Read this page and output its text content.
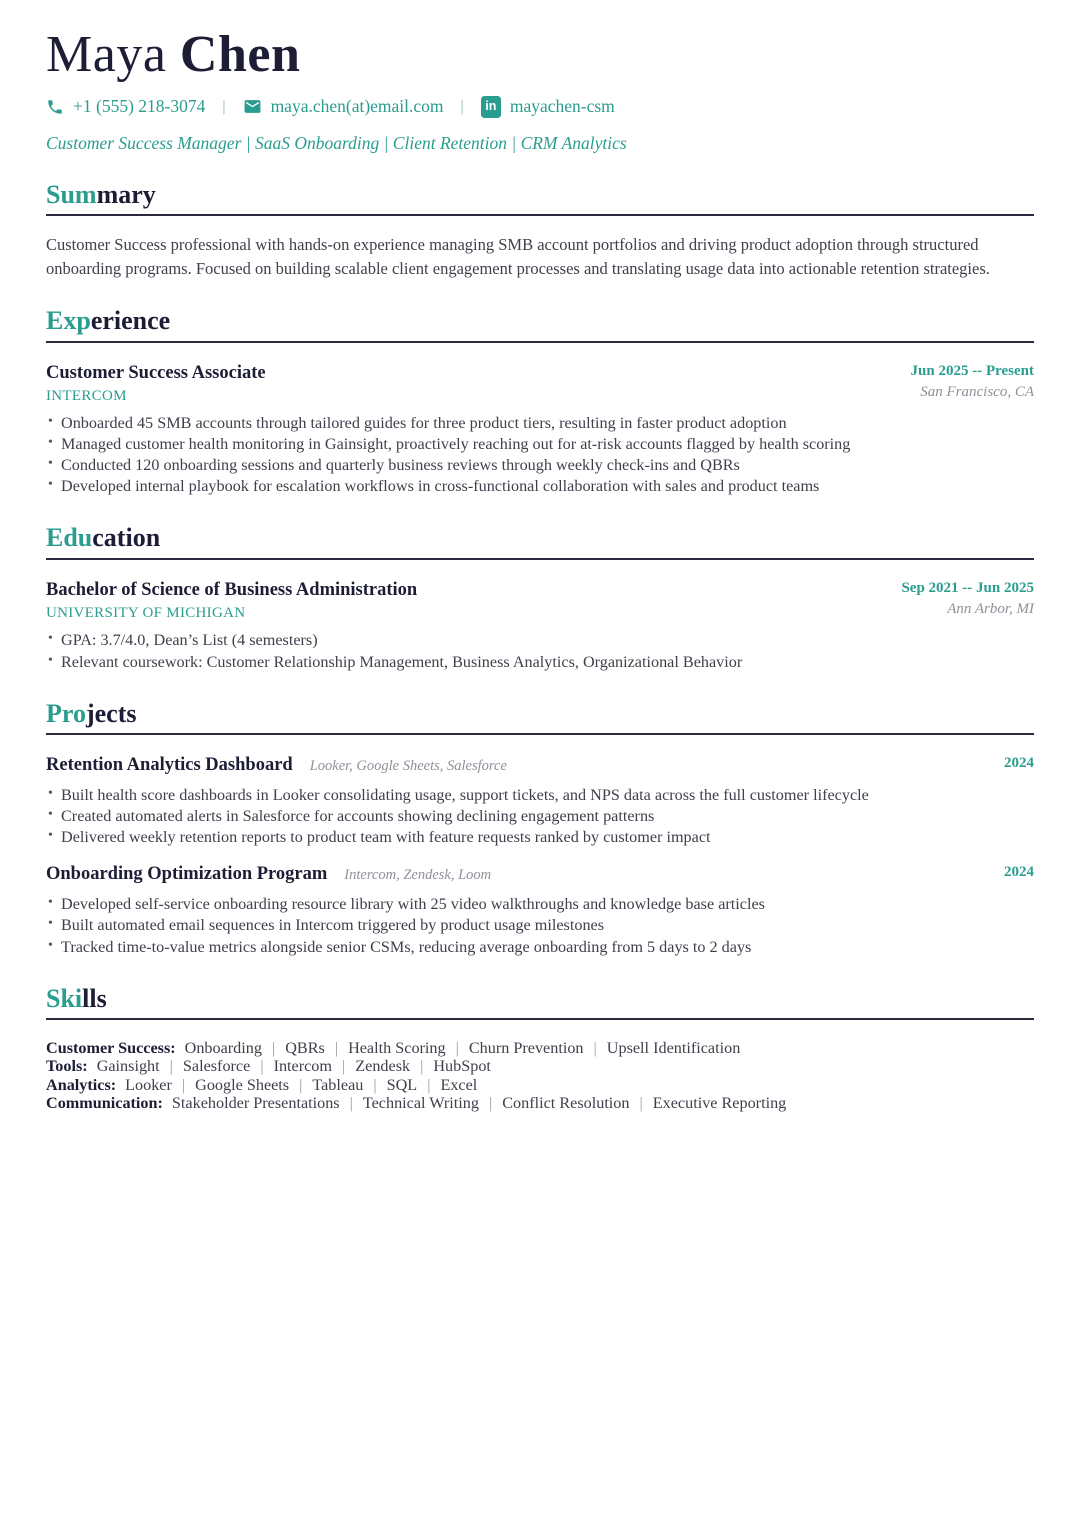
Maya Chen
+1 (555) 218-3074 |	maya.chen(at)email.com |	in mayachen-csm
Customer Success Manager | SaaS Onboarding | Client Retention | CRM Analytics
Summary

Customer Success professional with hands-on experience managing SMB account portfolios and driving product adoption through structured onboarding programs. Focused on building scalable client engagement processes and translating usage data into actionable retention strategies.

Experience
Customer Success Associate
INTERCOM
Jun 2025 -- Present
San Francisco, CA
• Onboarded 45 SMB accounts through tailored guides for three product tiers, resulting in faster product adoption
• Managed customer health monitoring in Gainsight, proactively reaching out for at-risk accounts flagged by health scoring
• Conducted 120 onboarding sessions and quarterly business reviews through weekly check-ins and QBRs
• Developed internal playbook for escalation workflows in cross-functional collaboration with sales and product teams
Education
Bachelor of Science of Business Administration
UNIVERSITY OF MICHIGAN
Sep 2021 -- Jun 2025
Ann Arbor, MI
• GPA: 3.7/4.0, Dean’s List (4 semesters)
• Relevant coursework: Customer Relationship Management, Business Analytics, Organizational Behavior
Projects
Retention Analytics Dashboard Looker, Google Sheets, Salesforce	2024
• Built health score dashboards in Looker consolidating usage, support tickets, and NPS data across the full customer lifecycle
• Created automated alerts in Salesforce for accounts showing declining engagement patterns
• Delivered weekly retention reports to product team with feature requests ranked by customer impact
Onboarding Optimization Program Intercom, Zendesk, Loom	2024
• Developed self-service onboarding resource library with 25 video walkthroughs and knowledge base articles
• Built automated email sequences in Intercom triggered by product usage milestones
• Tracked time-to-value metrics alongside senior CSMs, reducing average onboarding from 5 days to 2 days
Skills
Customer Success: Onboarding | QBRs | Health Scoring | Churn Prevention | Upsell Identification
Tools: Gainsight | Salesforce | Intercom | Zendesk | HubSpot
Analytics: Looker | Google Sheets | Tableau | SQL | Excel
Communication: Stakeholder Presentations | Technical Writing | Conflict Resolution | Executive Reporting
